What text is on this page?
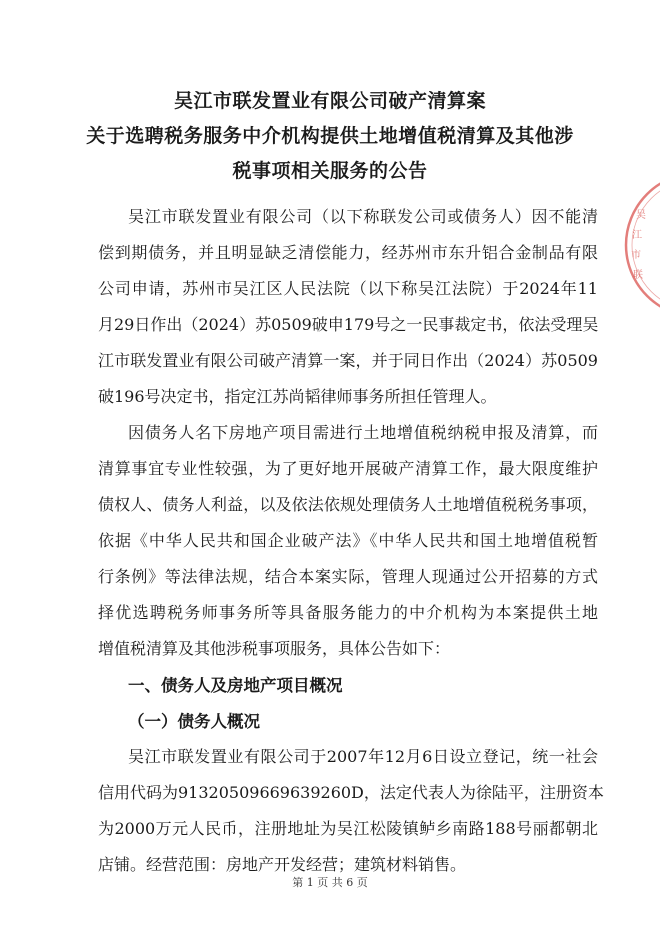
吴江市联发置业有限公司破产清算案
关于选聘税务服务中介机构提供土地增值税清算及其他涉
税事项相关服务的公告
吴江市联发置业有限公司（以下称联发公司或债务人）因不能清
偿到期债务，并且明显缺乏清偿能力，经苏州市东升铝合金制品有限
公司申请，苏州市吴江区人民法院（以下称吴江法院）于2024年11
月29日作出（2024）苏0509破申179号之一民事裁定书，依法受理吴
江市联发置业有限公司破产清算一案，并于同日作出（2024）苏0509
破196号决定书，指定江苏尚韬律师事务所担任管理人。
因债务人名下房地产项目需进行土地增值税纳税申报及清算，而
清算事宜专业性较强，为了更好地开展破产清算工作，最大限度维护
债权人、债务人利益，以及依法依规处理债务人土地增值税税务事项，
依据《中华人民共和国企业破产法》《中华人民共和国土地增值税暂
行条例》等法律法规，结合本案实际，管理人现通过公开招募的方式
择优选聘税务师事务所等具备服务能力的中介机构为本案提供土地
增值税清算及其他涉税事项服务，具体公告如下：
一、债务人及房地产项目概况
（一）债务人概况
吴江市联发置业有限公司于2007年12月6日设立登记，统一社会
信用代码为91320509669639260D，法定代表人为徐陆平，注册资本
为2000万元人民币，注册地址为吴江松陵镇鲈乡南路188号丽都朝北
店铺。经营范围：房地产开发经营；建筑材料销售。
第 1 页 共 6 页
吴
江
市
联
